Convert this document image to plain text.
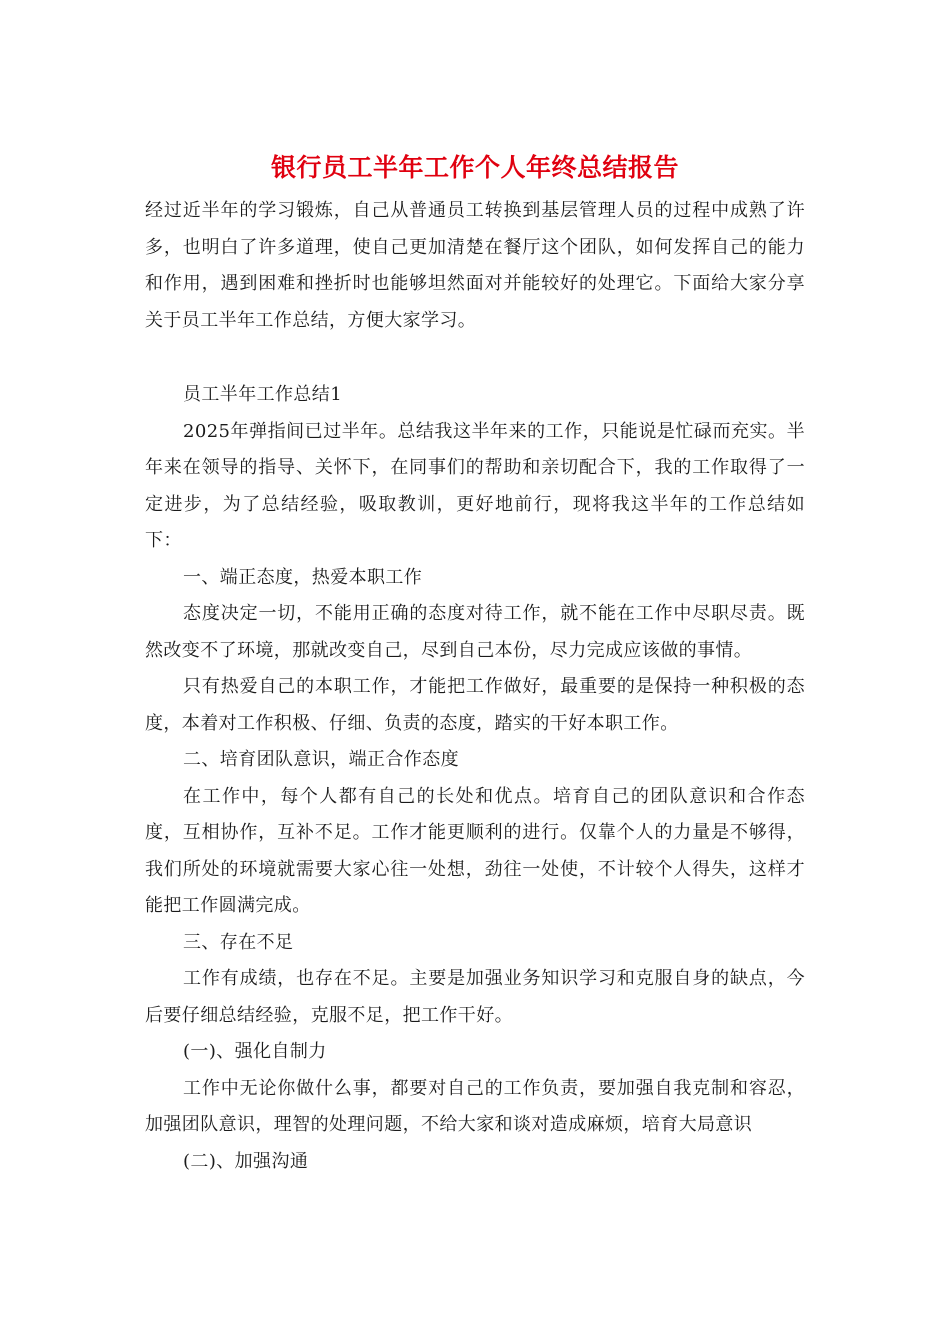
银行员工半年工作个人年终总结报告

经过近半年的学习锻炼，自己从普通员工转换到基层管理人员的过程中成熟了许多，也明白了许多道理，使自己更加清楚在餐厅这个团队，如何发挥自己的能力和作用，遇到困难和挫折时也能够坦然面对并能较好的处理它。下面给大家分享关于员工半年工作总结，方便大家学习。

员工半年工作总结1

2025年弹指间已过半年。总结我这半年来的工作，只能说是忙碌而充实。半年来在领导的指导、关怀下，在同事们的帮助和亲切配合下，我的工作取得了一定进步，为了总结经验，吸取教训，更好地前行，现将我这半年的工作总结如下：

一、端正态度，热爱本职工作

态度决定一切，不能用正确的态度对待工作，就不能在工作中尽职尽责。既然改变不了环境，那就改变自己，尽到自己本份，尽力完成应该做的事情。

只有热爱自己的本职工作，才能把工作做好，最重要的是保持一种积极的态度，本着对工作积极、仔细、负责的态度，踏实的干好本职工作。

二、培育团队意识，端正合作态度

在工作中，每个人都有自己的长处和优点。培育自己的团队意识和合作态度，互相协作，互补不足。工作才能更顺利的进行。仅靠个人的力量是不够得，我们所处的环境就需要大家心往一处想，劲往一处使，不计较个人得失，这样才能把工作圆满完成。

三、存在不足

工作有成绩，也存在不足。主要是加强业务知识学习和克服自身的缺点，今后要仔细总结经验，克服不足，把工作干好。

(一)、强化自制力

工作中无论你做什么事，都要对自己的工作负责，要加强自我克制和容忍，加强团队意识，理智的处理问题，不给大家和谈对造成麻烦，培育大局意识

(二)、加强沟通
